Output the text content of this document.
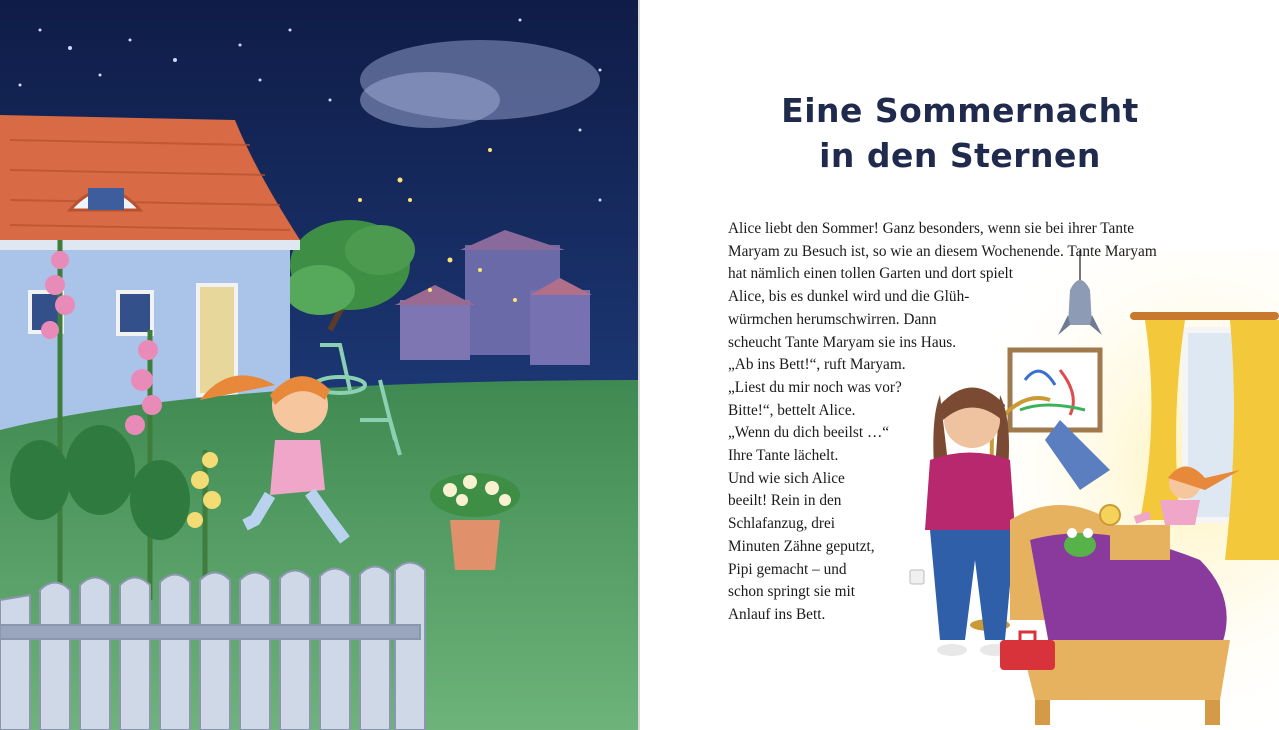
Eine Sommernacht
in den Sternen
Alice liebt den Sommer! Ganz besonders, wenn sie bei ihrer Tante
Maryam zu Besuch ist, so wie an diesem Wochenende. Tante Maryam
hat nämlich einen tollen Garten und dort spielt
Alice, bis es dunkel wird und die Glüh-
würmchen herumschwirren. Dann
scheucht Tante Maryam sie ins Haus.
„Ab ins Bett!“, ruft Maryam.
„Liest du mir noch was vor?
Bitte!“, bettelt Alice.
„Wenn du dich beeilst …“
Ihre Tante lächelt.
Und wie sich Alice
beeilt! Rein in den
Schlafanzug, drei
Minuten Zähne geputzt,
Pipi gemacht – und
schon springt sie mit
Anlauf ins Bett.
